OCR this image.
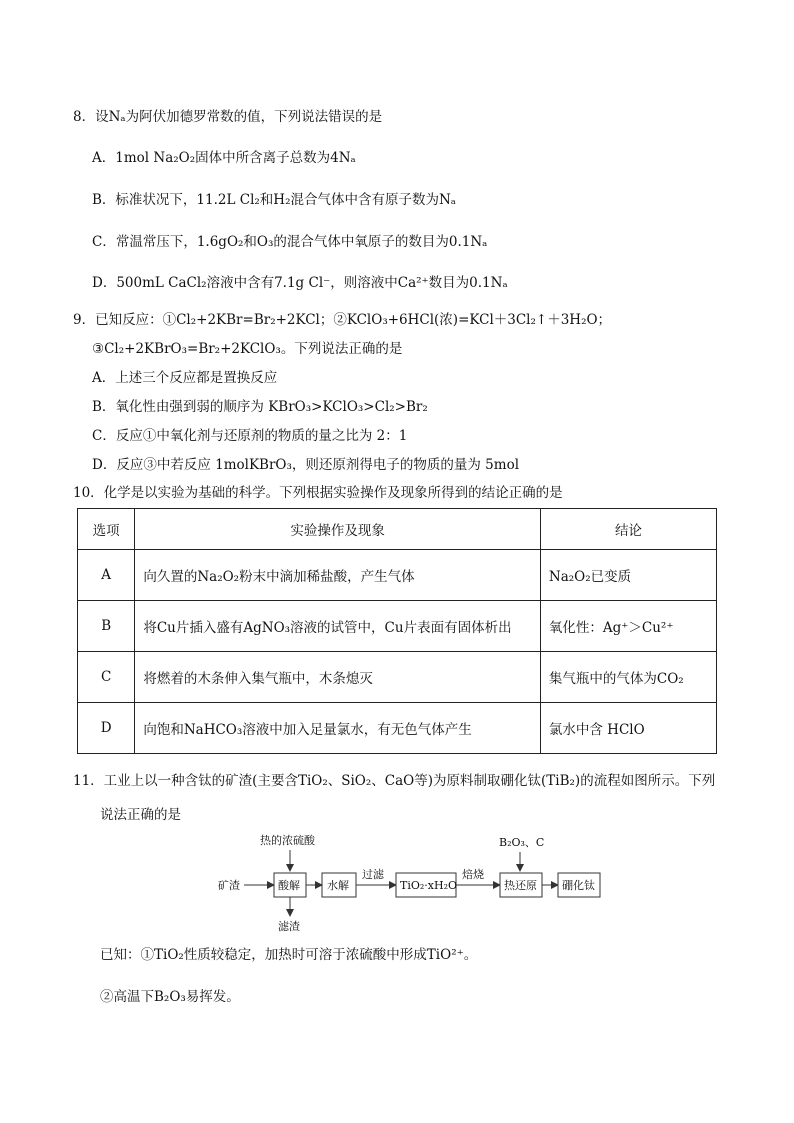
8．设Nₐ为阿伏加德罗常数的值，下列说法错误的是
A．1mol Na₂O₂固体中所含离子总数为4Nₐ
B．标准状况下，11.2L Cl₂和H₂混合气体中含有原子数为Nₐ
C．常温常压下，1.6gO₂和O₃的混合气体中氧原子的数目为0.1Nₐ
D．500mL CaCl₂溶液中含有7.1g Cl⁻，则溶液中Ca²⁺数目为0.1Nₐ
9．已知反应：①Cl₂+2KBr=Br₂+2KCl；②KClO₃+6HCl(浓)=KCl＋3Cl₂↑＋3H₂O；
③Cl₂+2KBrO₃=Br₂+2KClO₃。下列说法正确的是
A．上述三个反应都是置换反应
B．氧化性由强到弱的顺序为 KBrO₃>KClO₃>Cl₂>Br₂
C．反应①中氧化剂与还原剂的物质的量之比为 2：1
D．反应③中若反应 1molKBrO₃，则还原剂得电子的物质的量为 5mol
10．化学是以实验为基础的科学。下列根据实验操作及现象所得到的结论正确的是
选项	实验操作及现象	结论
A	向久置的Na₂O₂粉末中滴加稀盐酸，产生气体	Na₂O₂已变质
B	将Cu片插入盛有AgNO₃溶液的试管中，Cu片表面有固体析出	氧化性：Ag⁺＞Cu²⁺
C	将燃着的木条伸入集气瓶中，木条熄灭	集气瓶中的气体为CO₂
D	向饱和NaHCO₃溶液中加入足量氯水，有无色气体产生	氯水中含 HClO
11．工业上以一种含钛的矿渣(主要含TiO₂、SiO₂、CaO等)为原料制取硼化钛(TiB₂)的流程如图所示。下列
说法正确的是
热的浓硫酸
矿渣	酸解
滤渣
水解
过滤
TiO₂·xH₂O
焙烧
B₂O₃、C
热还原 硼化钛
已知：①TiO₂性质较稳定，加热时可溶于浓硫酸中形成TiO²⁺。
②高温下B₂O₃易挥发。
